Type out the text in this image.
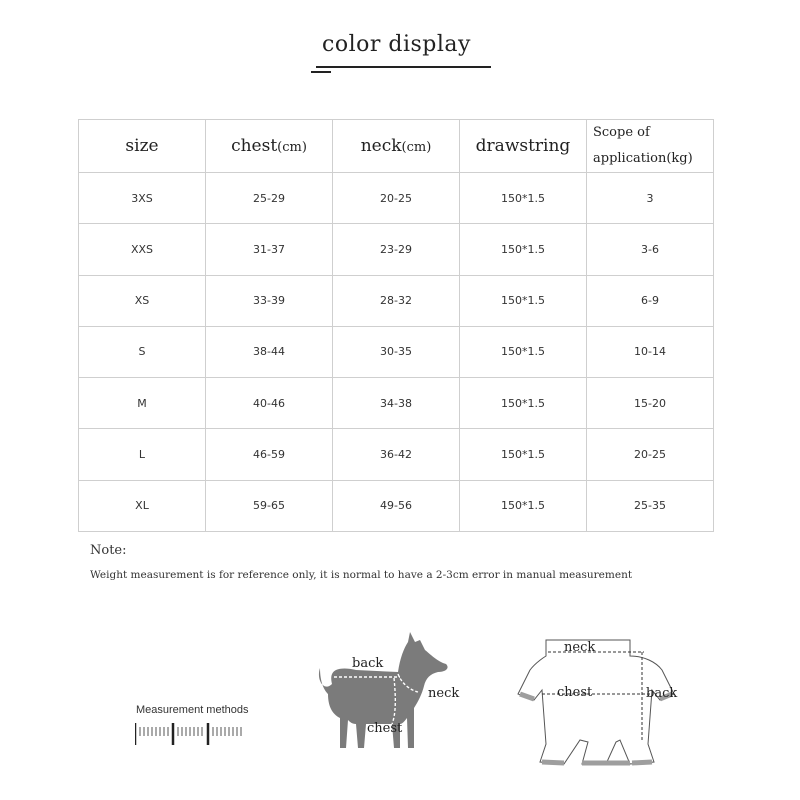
color display
size	chest(cm)	neck(cm)	drawstring	Scope of
application(kg)
3XS	25-29	20-25	150*1.5	3
XXS	31-37	23-29	150*1.5	3-6
XS	33-39	28-32	150*1.5	6-9
S	38-44	30-35	150*1.5	10-14
M	40-46	34-38	150*1.5	15-20
L	46-59	36-42	150*1.5	20-25
XL	59-65	49-56	150*1.5	25-35
Note:
Weight measurement is for reference only, it is normal to have a 2-3cm error in manual measurement
Measurement methods
back
neck
chest
neck
chest	back
